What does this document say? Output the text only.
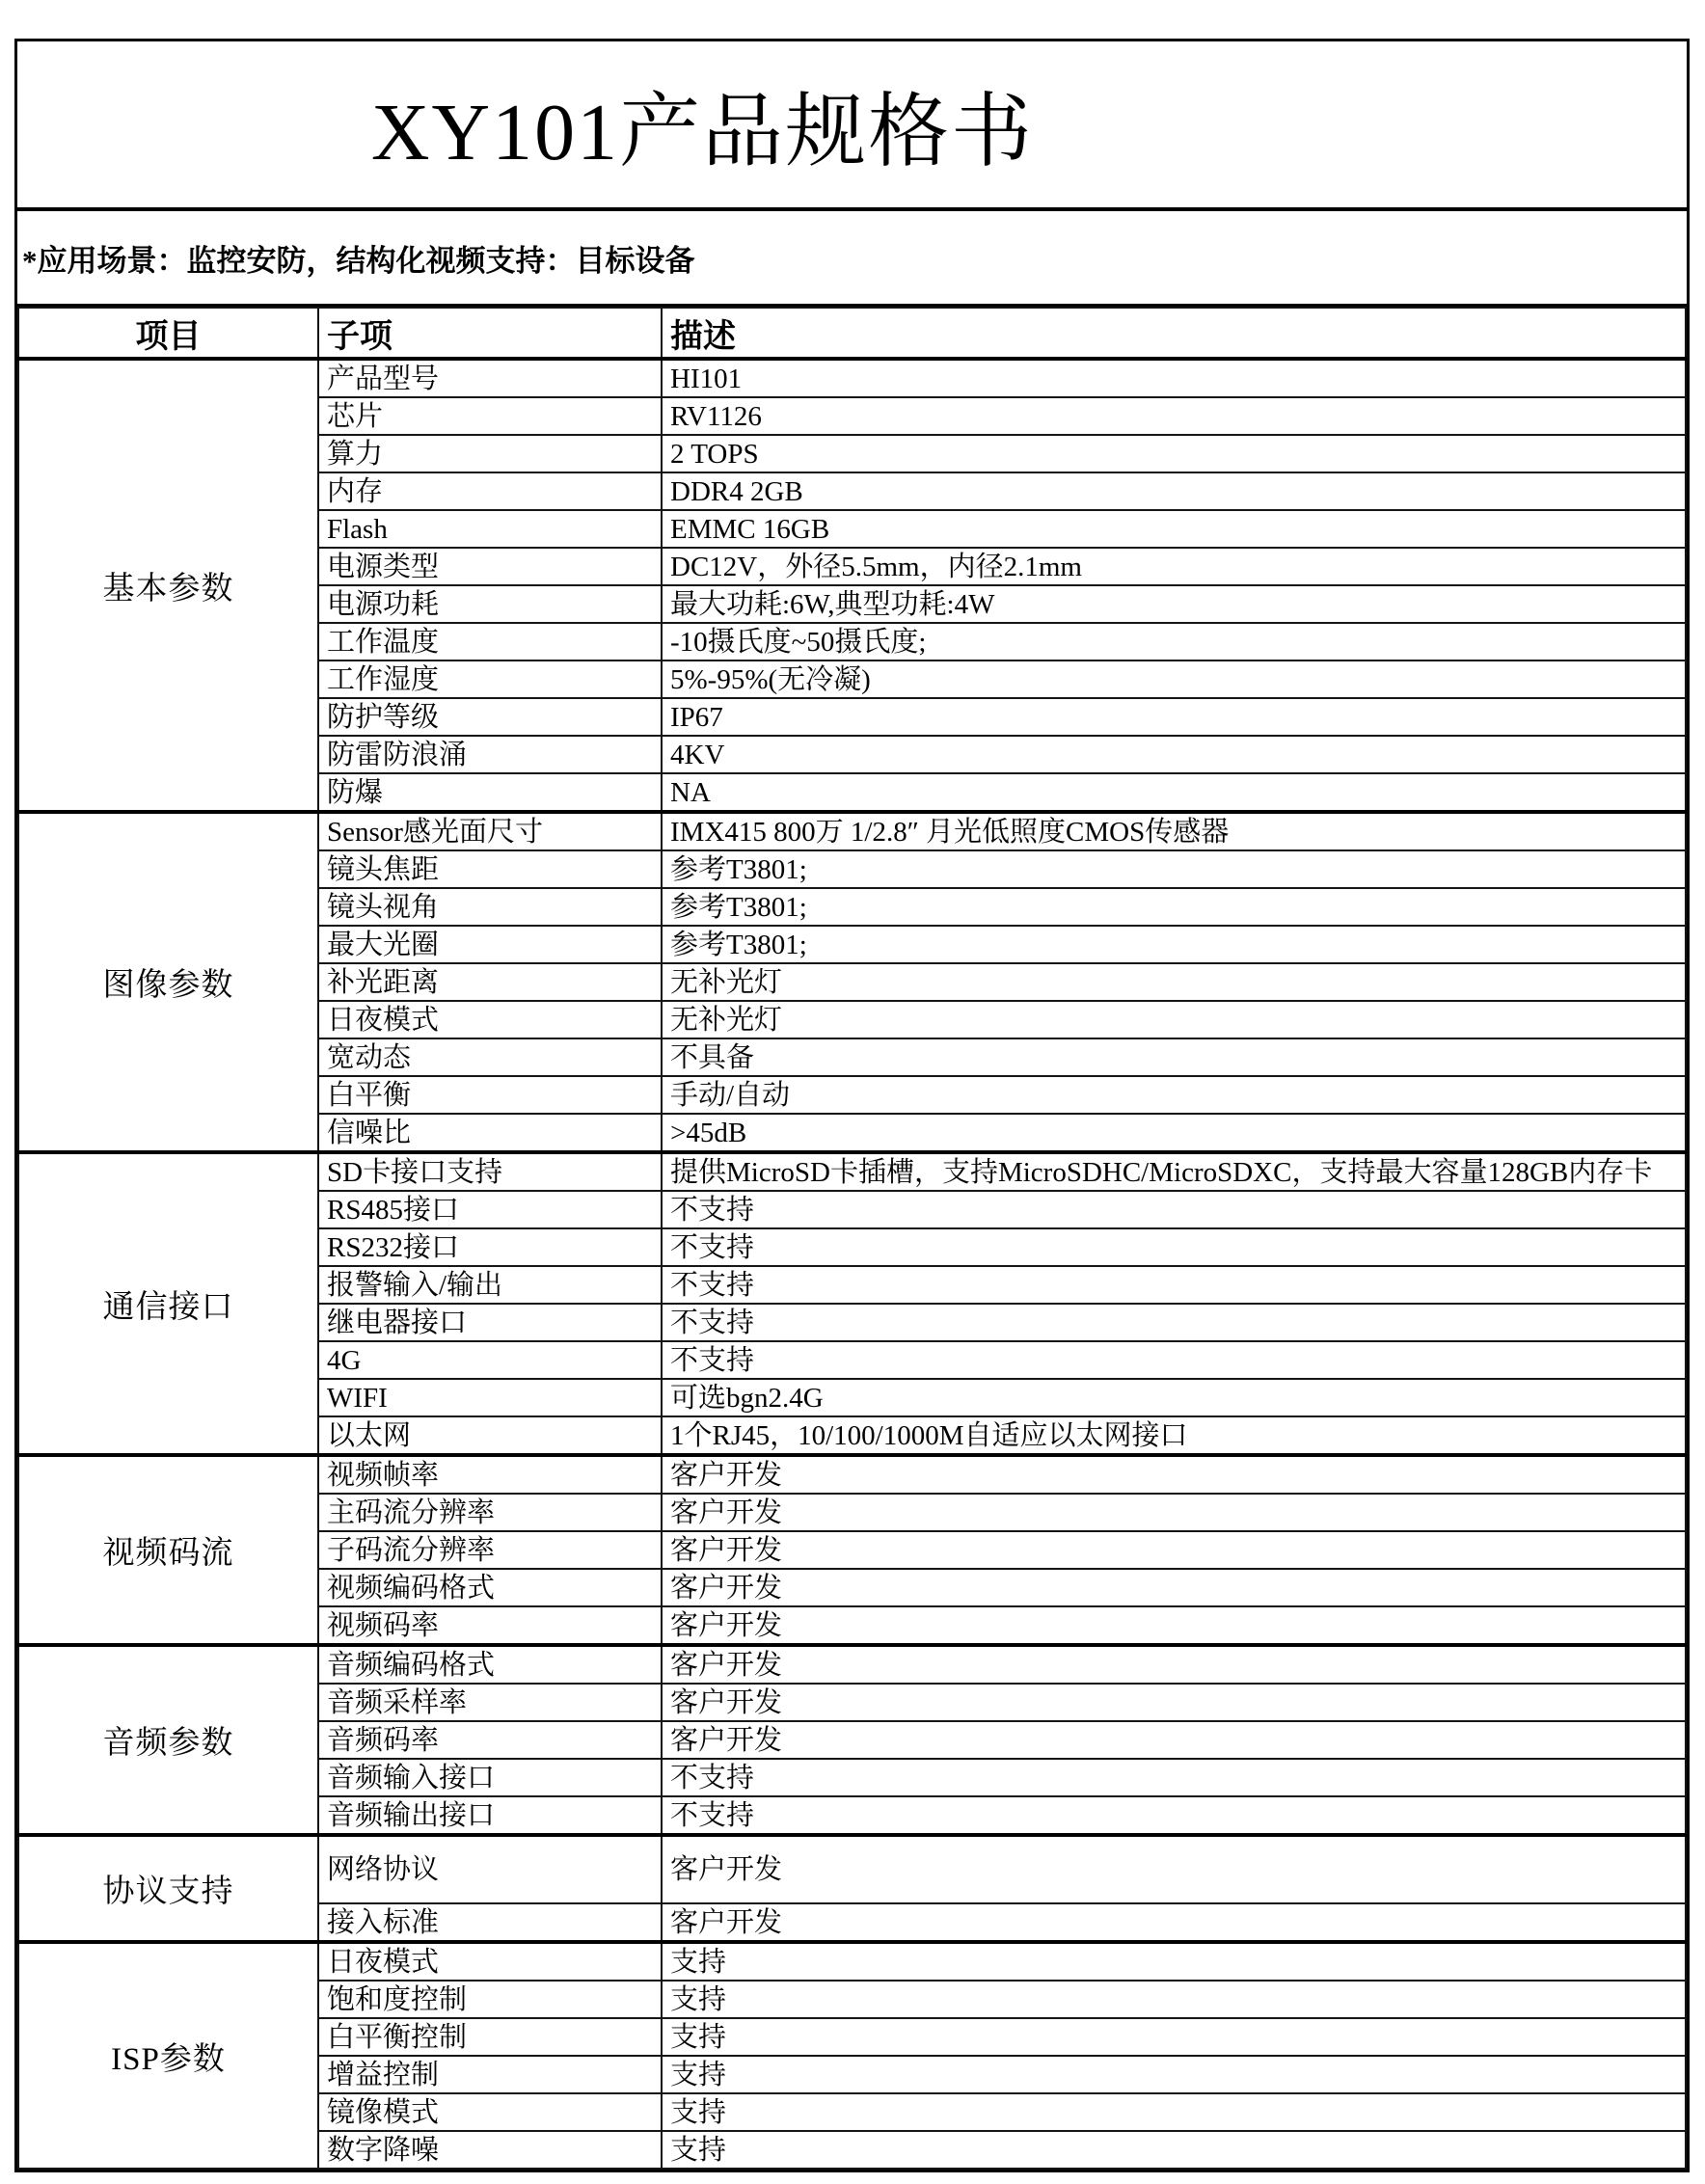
XY101产品规格书

*应用场景：监控安防，结构化视频支持：目标设备

项目	子项	描述
基本参数	产品型号	HI101
	芯片	RV1126
	算力	2 TOPS
	内存	DDR4 2GB
	Flash	EMMC 16GB
	电源类型	DC12V，外径5.5mm，内径2.1mm
	电源功耗	最大功耗:6W,典型功耗:4W
	工作温度	-10摄氏度~50摄氏度;
	工作湿度	5%-95%(无冷凝)
	防护等级	IP67
	防雷防浪涌	4KV
	防爆	NA
图像参数	Sensor感光面尺寸	IMX415 800万 1/2.8″ 月光低照度CMOS传感器
	镜头焦距	参考T3801;
	镜头视角	参考T3801;
	最大光圈	参考T3801;
	补光距离	无补光灯
	日夜模式	无补光灯
	宽动态	不具备
	白平衡	手动/自动
	信噪比	>45dB
通信接口	SD卡接口支持	提供MicroSD卡插槽，支持MicroSDHC/MicroSDXC，支持最大容量128GB内存卡
	RS485接口	不支持
	RS232接口	不支持
	报警输入/输出	不支持
	继电器接口	不支持
	4G	不支持
	WIFI	可选bgn2.4G
	以太网	1个RJ45，10/100/1000M自适应以太网接口
视频码流	视频帧率	客户开发
	主码流分辨率	客户开发
	子码流分辨率	客户开发
	视频编码格式	客户开发
	视频码率	客户开发
音频参数	音频编码格式	客户开发
	音频采样率	客户开发
	音频码率	客户开发
	音频输入接口	不支持
	音频输出接口	不支持
协议支持	网络协议	客户开发
	接入标准	客户开发
ISP参数	日夜模式	支持
	饱和度控制	支持
	白平衡控制	支持
	增益控制	支持
	镜像模式	支持
	数字降噪	支持
